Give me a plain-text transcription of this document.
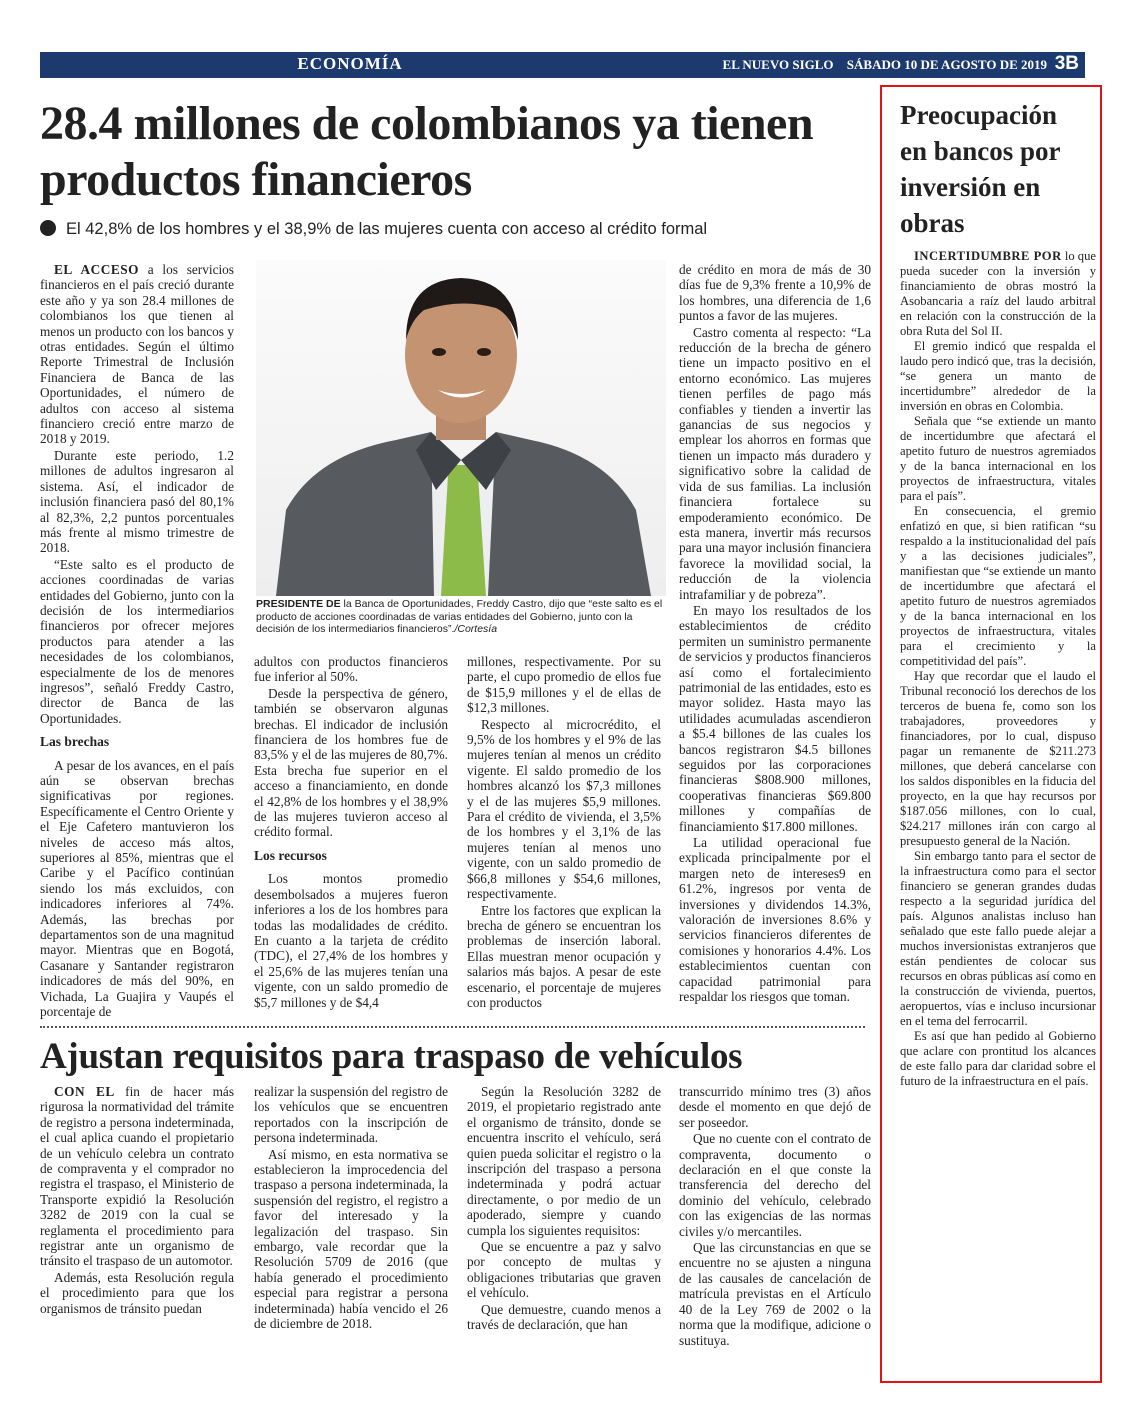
ECONOMÍA	EL NUEVO SIGLO SÁBADO 10 DE AGOSTO DE 2019 3B
28.4 millones de colombianos ya tienen productos financieros
El 42,8% de los hombres y el 38,9% de las mujeres cuenta con acceso al crédito formal

EL ACCESO a los servicios financieros en el país creció durante este año y ya son 28.4 millones de colombianos los que tienen al menos un producto con los bancos y otras entidades. Según el último Reporte Trimestral de Inclusión Financiera de Banca de las Oportunidades, el número de adultos con acceso al sistema financiero creció entre marzo de 2018 y 2019.

Durante este periodo, 1.2 millones de adultos ingresaron al sistema. Así, el indicador de inclusión financiera pasó del 80,1% al 82,3%, 2,2 puntos porcentuales más frente al mismo trimestre de 2018.

“Este salto es el producto de acciones coordinadas de varias entidades del Gobierno, junto con la decisión de los intermediarios financieros por ofrecer mejores productos para atender a las necesidades de los colombianos, especialmente de los de menores ingresos”, señaló Freddy Castro, director de Banca de las Oportunidades.

Las brechas

A pesar de los avances, en el país aún se observan brechas significativas por regiones. Específicamente el Centro Oriente y el Eje Cafetero mantuvieron los niveles de acceso más altos, superiores al 85%, mientras que el Caribe y el Pacífico continúan siendo los más excluidos, con indicadores inferiores al 74%. Además, las brechas por departamentos son de una magnitud mayor. Mientras que en Bogotá, Casanare y Santander registraron indicadores de más del 90%, en Vichada, La Guajira y Vaupés el porcentaje de

PRESIDENTE DE la Banca de Oportunidades, Freddy Castro, dijo que “este salto es el producto de acciones coordinadas de varias entidades del Gobierno, junto con la decisión de los intermediarios financieros”./Cortesía

adultos con productos financieros fue inferior al 50%.

Desde la perspectiva de género, también se observaron algunas brechas. El indicador de inclusión financiera de los hombres fue de 83,5% y el de las mujeres de 80,7%. Esta brecha fue superior en el acceso a financiamiento, en donde el 42,8% de los hombres y el 38,9% de las mujeres tuvieron acceso al crédito formal.

Los recursos

Los montos promedio desembolsados a mujeres fueron inferiores a los de los hombres para todas las modalidades de crédito. En cuanto a la tarjeta de crédito (TDC), el 27,4% de los hombres y el 25,6% de las mujeres tenían una vigente, con un saldo promedio de $5,7 millones y de $4,4

millones, respectivamente. Por su parte, el cupo promedio de ellos fue de $15,9 millones y el de ellas de $12,3 millones.

Respecto al microcrédito, el 9,5% de los hombres y el 9% de las mujeres tenían al menos un crédito vigente. El saldo promedio de los hombres alcanzó los $7,3 millones y el de las mujeres $5,9 millones. Para el crédito de vivienda, el 3,5% de los hombres y el 3,1% de las mujeres tenían al menos uno vigente, con un saldo promedio de $66,8 millones y $54,6 millones, respectivamente.

Entre los factores que explican la brecha de género se encuentran los problemas de inserción laboral. Ellas muestran menor ocupación y salarios más bajos. A pesar de este escenario, el porcentaje de mujeres con productos

de crédito en mora de más de 30 días fue de 9,3% frente a 10,9% de los hombres, una diferencia de 1,6 puntos a favor de las mujeres.

Castro comenta al respecto: “La reducción de la brecha de género tiene un impacto positivo en el entorno económico. Las mujeres tienen perfiles de pago más confiables y tienden a invertir las ganancias de sus negocios y emplear los ahorros en formas que tienen un impacto más duradero y significativo sobre la calidad de vida de sus familias. La inclusión financiera fortalece su empoderamiento económico. De esta manera, invertir más recursos para una mayor inclusión financiera favorece la movilidad social, la reducción de la violencia intrafamiliar y de pobreza”.

En mayo los resultados de los establecimientos de crédito permiten un suministro permanente de servicios y productos financieros así como el fortalecimiento patrimonial de las entidades, esto es mayor solidez. Hasta mayo las utilidades acumuladas ascendieron a $5.4 billones de las cuales los bancos registraron $4.5 billones seguidos por las corporaciones financieras $808.900 millones, cooperativas financieras $69.800 millones y compañías de financiamiento $17.800 millones.

La utilidad operacional fue explicada principalmente por el margen neto de intereses9 en 61.2%, ingresos por venta de inversiones y dividendos 14.3%, valoración de inversiones 8.6% y servicios financieros diferentes de comisiones y honorarios 4.4%. Los establecimientos cuentan con capacidad patrimonial para respaldar los riesgos que toman.

Ajustan requisitos para traspaso de vehículos

CON EL fin de hacer más rigurosa la normatividad del trámite de registro a persona indeterminada, el cual aplica cuando el propietario de un vehículo celebra un contrato de compraventa y el comprador no registra el traspaso, el Ministerio de Transporte expidió la Resolución 3282 de 2019 con la cual se reglamenta el procedimiento para registrar ante un organismo de tránsito el traspaso de un automotor.

Además, esta Resolución regula el procedimiento para que los organismos de tránsito puedan

realizar la suspensión del registro de los vehículos que se encuentren reportados con la inscripción de persona indeterminada.

Así mismo, en esta normativa se establecieron la improcedencia del traspaso a persona indeterminada, la suspensión del registro, el registro a favor del interesado y la legalización del traspaso. Sin embargo, vale recordar que la Resolución 5709 de 2016 (que había generado el procedimiento especial para registrar a persona indeterminada) había vencido el 26 de diciembre de 2018.

Según la Resolución 3282 de 2019, el propietario registrado ante el organismo de tránsito, donde se encuentra inscrito el vehículo, será quien pueda solicitar el registro o la inscripción del traspaso a persona indeterminada y podrá actuar directamente, o por medio de un apoderado, siempre y cuando cumpla los siguientes requisitos:

Que se encuentre a paz y salvo por concepto de multas y obligaciones tributarias que graven el vehículo.

Que demuestre, cuando menos a través de declaración, que han

transcurrido mínimo tres (3) años desde el momento en que dejó de ser poseedor.

Que no cuente con el contrato de compraventa, documento o declaración en el que conste la transferencia del derecho del dominio del vehículo, celebrado con las exigencias de las normas civiles y/o mercantiles.

Que las circunstancias en que se encuentre no se ajusten a ninguna de las causales de cancelación de matrícula previstas en el Artículo 40 de la Ley 769 de 2002 o la norma que la modifique, adicione o sustituya.

Preocupación en bancos por inversión en obras

INCERTIDUMBRE POR lo que pueda suceder con la inversión y financiamiento de obras mostró la Asobancaria a raíz del laudo arbitral en relación con la construcción de la obra Ruta del Sol II.

El gremio indicó que respalda el laudo pero indicó que, tras la decisión, “se genera un manto de incertidumbre” alrededor de la inversión en obras en Colombia.

Señala que “se extiende un manto de incertidumbre que afectará el apetito futuro de nuestros agremiados y de la banca internacional en los proyectos de infraestructura, vitales para el país”.

En consecuencia, el gremio enfatizó en que, si bien ratifican “su respaldo a la institucionalidad del país y a las decisiones judiciales”, manifiestan que “se extiende un manto de incertidumbre que afectará el apetito futuro de nuestros agremiados y de la banca internacional en los proyectos de infraestructura, vitales para el crecimiento y la competitividad del país”.

Hay que recordar que el laudo el Tribunal reconoció los derechos de los terceros de buena fe, como son los trabajadores, proveedores y financiadores, por lo cual, dispuso pagar un remanente de $211.273 millones, que deberá cancelarse con los saldos disponibles en la fiducia del proyecto, en la que hay recursos por $187.056 millones, con lo cual, $24.217 millones irán con cargo al presupuesto general de la Nación.

Sin embargo tanto para el sector de la infraestructura como para el sector financiero se generan grandes dudas respecto a la seguridad jurídica del país. Algunos analistas incluso han señalado que este fallo puede alejar a muchos inversionistas extranjeros que están pendientes de colocar sus recursos en obras públicas así como en la construcción de vivienda, puertos, aeropuertos, vías e incluso incursionar en el tema del ferrocarril.

Es así que han pedido al Gobierno que aclare con prontitud los alcances de este fallo para dar claridad sobre el futuro de la infraestructura en el país.
